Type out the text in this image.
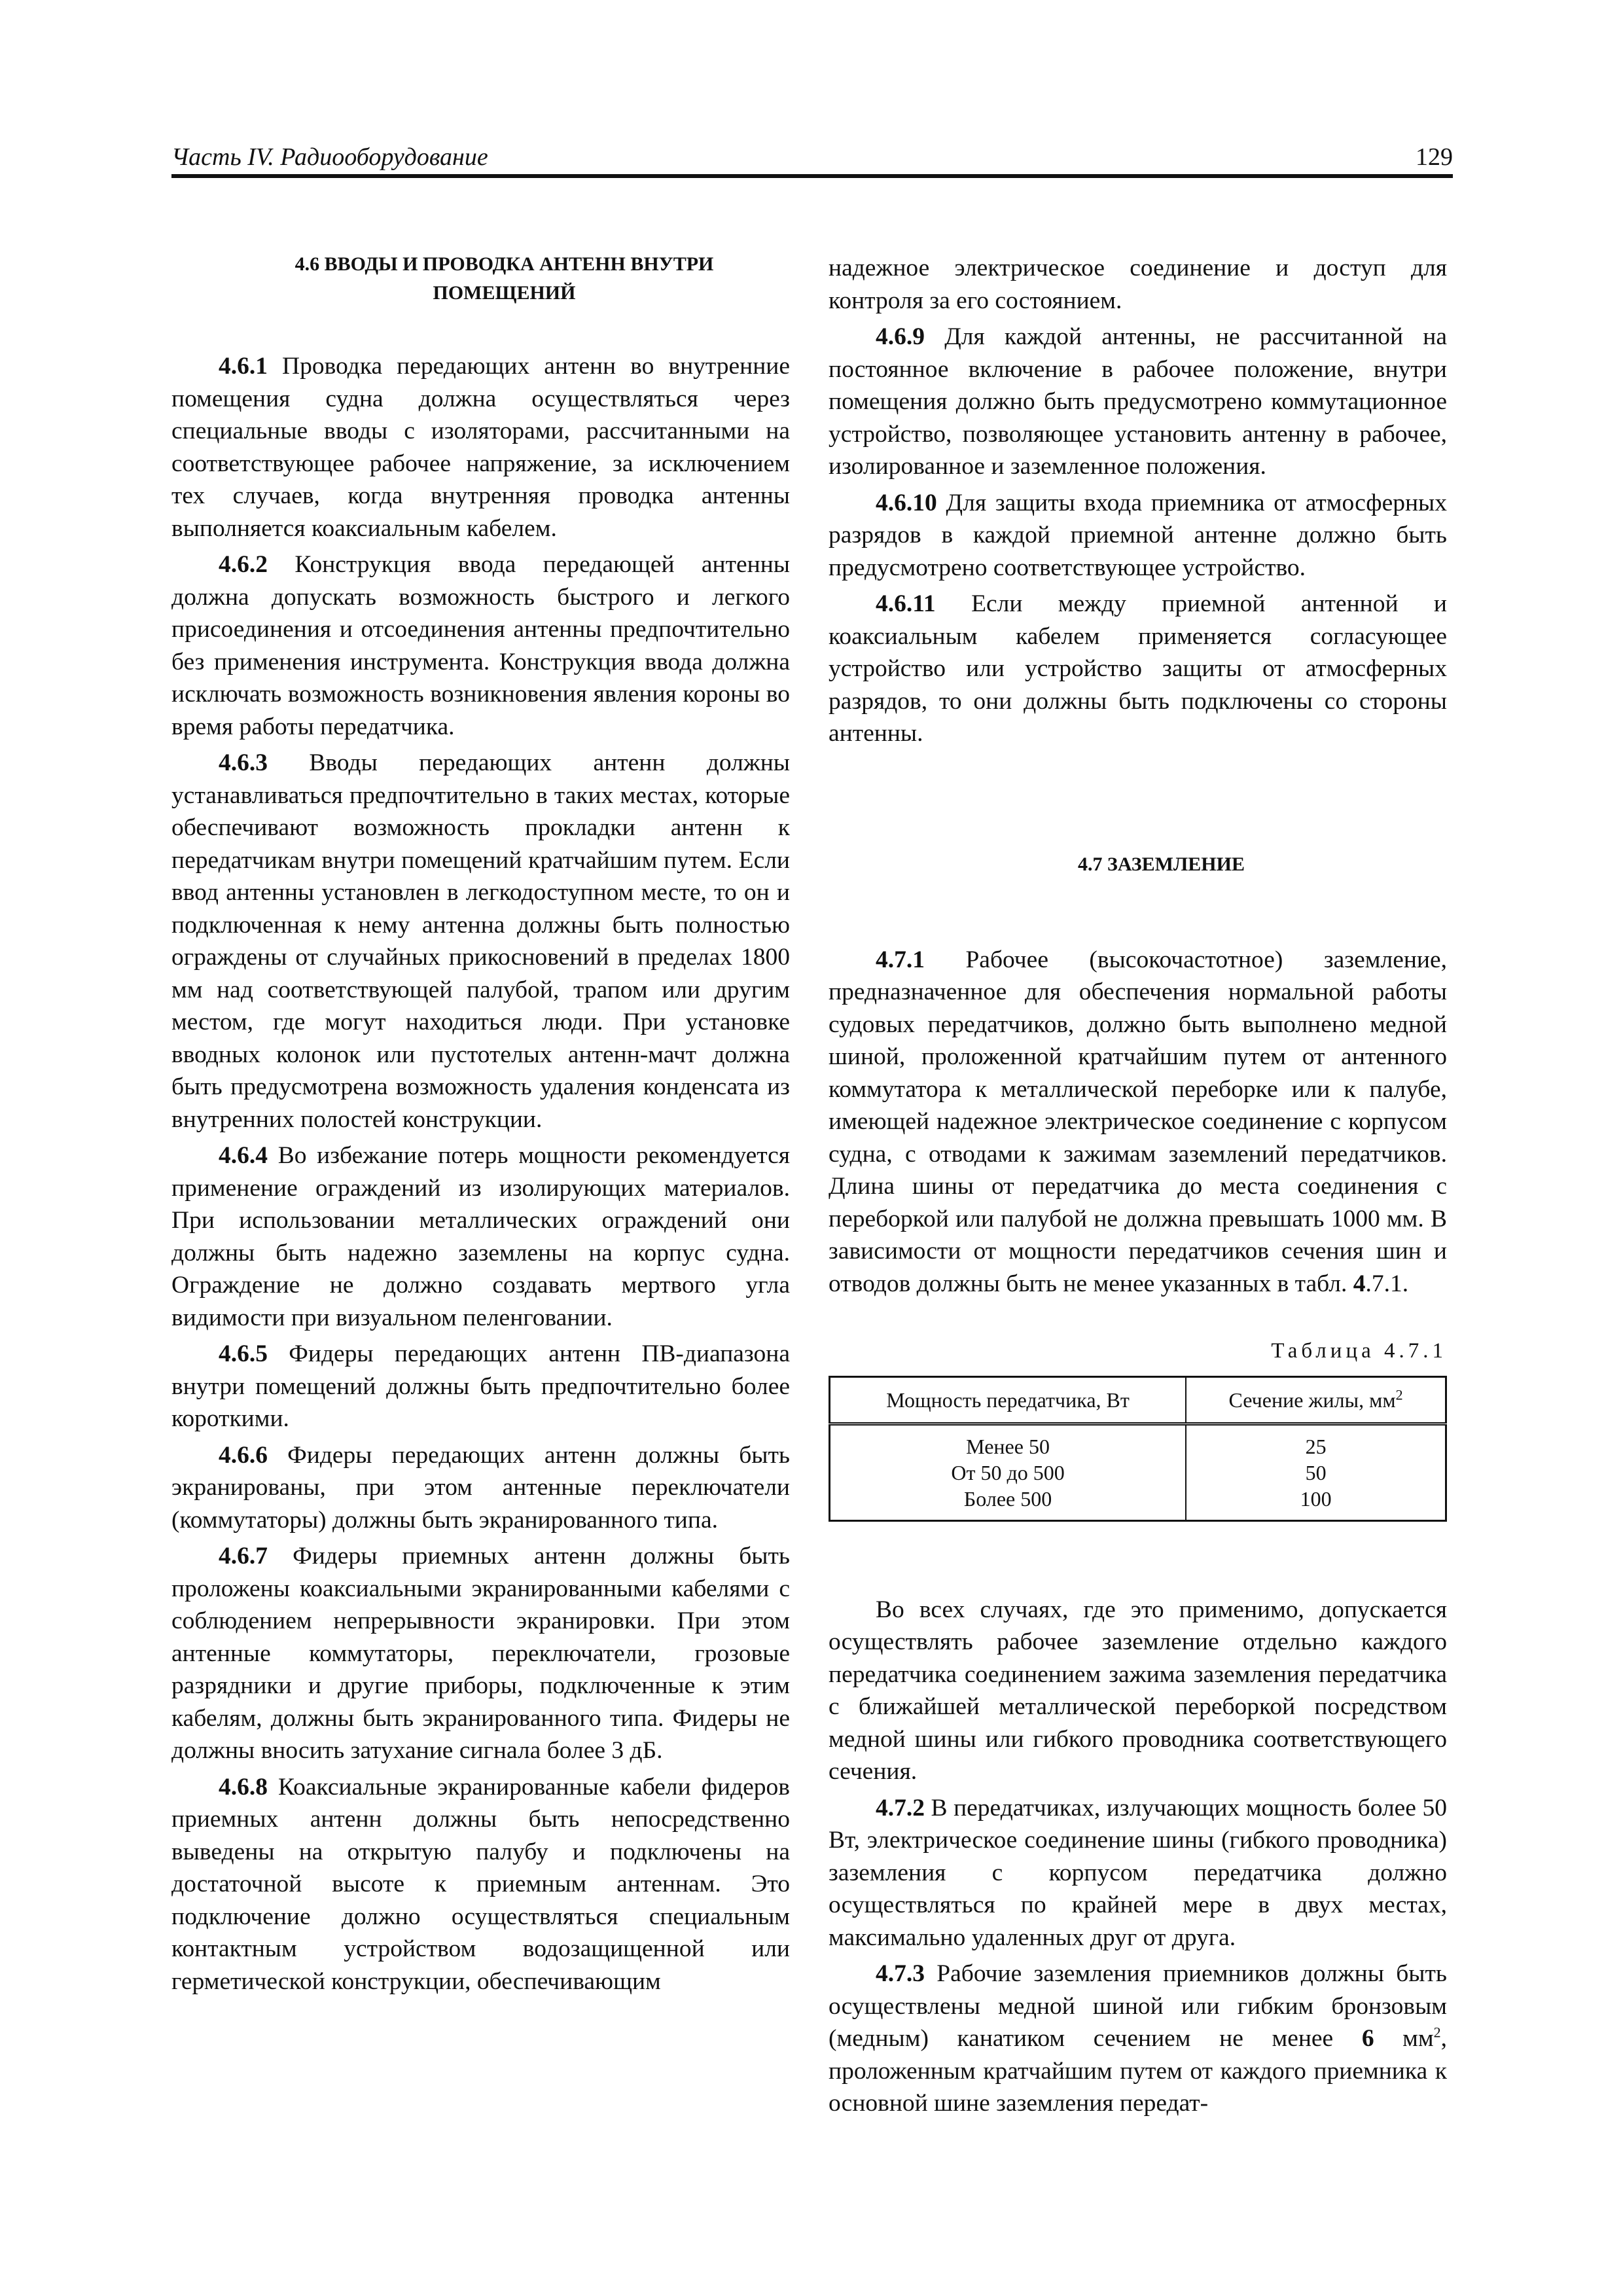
Часть IV. Радиооборудование	129

4.6 ВВОДЫ И ПРОВОДКА АНТЕНН ВНУТРИ

ПОМЕЩЕНИЙ

4.6.1 Проводка передающих антенн во внутренние помещения судна должна осуществляться через специальные вводы с изоляторами, рассчитанными на соответствующее рабочее напряжение, за исключением тех случаев, когда внутренняя проводка антенны выполняется коаксиальным кабелем.

4.6.2 Конструкция ввода передающей антенны должна допускать возможность быстрого и легкого присоединения и отсоединения антенны предпочтительно без применения инструмента. Конструкция ввода должна исключать возможность возникновения явления короны во время работы передатчика.

4.6.3 Вводы передающих антенн должны устанавливаться предпочтительно в таких местах, которые обеспечивают возможность прокладки антенн к передатчикам внутри помещений кратчайшим путем. Если ввод антенны установлен в легкодоступном месте, то он и подключенная к нему антенна должны быть полностью ограждены от случайных прикосновений в пределах 1800 мм над соответствующей палубой, трапом или другим местом, где могут находиться люди. При установке вводных колонок или пустотелых антенн-мачт должна быть предусмотрена возможность удаления конденсата из внутренних полостей конструкции.

4.6.4 Во избежание потерь мощности рекомендуется применение ограждений из изолирующих материалов. При использовании металлических ограждений они должны быть надежно заземлены на корпус судна. Ограждение не должно создавать мертвого угла видимости при визуальном пеленговании.

4.6.5 Фидеры передающих антенн ПВ-диапазона внутри помещений должны быть предпочтительно более короткими.

4.6.6 Фидеры передающих антенн должны быть экранированы, при этом антенные переключатели (коммутаторы) должны быть экранированного типа.

4.6.7 Фидеры приемных антенн должны быть проложены коаксиальными экранированными кабелями с соблюдением непрерывности экранировки. При этом антенные коммутаторы, переключатели, грозовые разрядники и другие приборы, подключенные к этим кабелям, должны быть экранированного типа. Фидеры не должны вносить затухание сигнала более 3 дБ.

4.6.8 Коаксиальные экранированные кабели фидеров приемных антенн должны быть непосредственно выведены на открытую палубу и подключены на достаточной высоте к приемным антеннам. Это подключение должно осуществляться специальным контактным устройством водозащищенной или герметической конструкции, обеспечивающим

надежное электрическое соединение и доступ для контроля за его состоянием.

4.6.9 Для каждой антенны, не рассчитанной на постоянное включение в рабочее положение, внутри помещения должно быть предусмотрено коммутационное устройство, позволяющее установить антенну в рабочее, изолированное и заземленное положения.

4.6.10 Для защиты входа приемника от атмосферных разрядов в каждой приемной антенне должно быть предусмотрено соответствующее устройство.

4.6.11 Если между приемной антенной и коаксиальным кабелем применяется согласующее устройство или устройство защиты от атмосферных разрядов, то они должны быть подключены со стороны антенны.

4.7 ЗАЗЕМЛЕНИЕ

4.7.1 Рабочее (высокочастотное) заземление, предназначенное для обеспечения нормальной работы судовых передатчиков, должно быть выполнено медной шиной, проложенной кратчайшим путем от антенного коммутатора к металлической переборке или к палубе, имеющей надежное электрическое соединение с корпусом судна, с отводами к зажимам заземлений передатчиков. Длина шины от передатчика до места соединения с переборкой или палубой не должна превышать 1000 мм. В зависимости от мощности передатчиков сечения шин и отводов должны быть не менее указанных в табл. 4.7.1.

Таблица 4.7.1
Мощность передатчика, Вт	Сечение жилы, $мм^2$
Менее 50	25
От 50 до 500	50
Более 500	100

Во всех случаях, где это применимо, допускается осуществлять рабочее заземление отдельно каждого передатчика соединением зажима заземления передатчика с ближайшей металлической переборкой посредством медной шины или гибкого проводника соответствующего сечения.

4.7.2 В передатчиках, излучающих мощность более 50 Вт, электрическое соединение шины (гибкого проводника) заземления с корпусом передатчика должно осуществляться по крайней мере в двух местах, максимально удаленных друг от друга.

4.7.3 Рабочие заземления приемников должны быть осуществлены медной шиной или гибким бронзовым (медным) канатиком сечением не менее 6 $мм^2$, проложенным кратчайшим путем от каждого приемника к основной шине заземления передат-
